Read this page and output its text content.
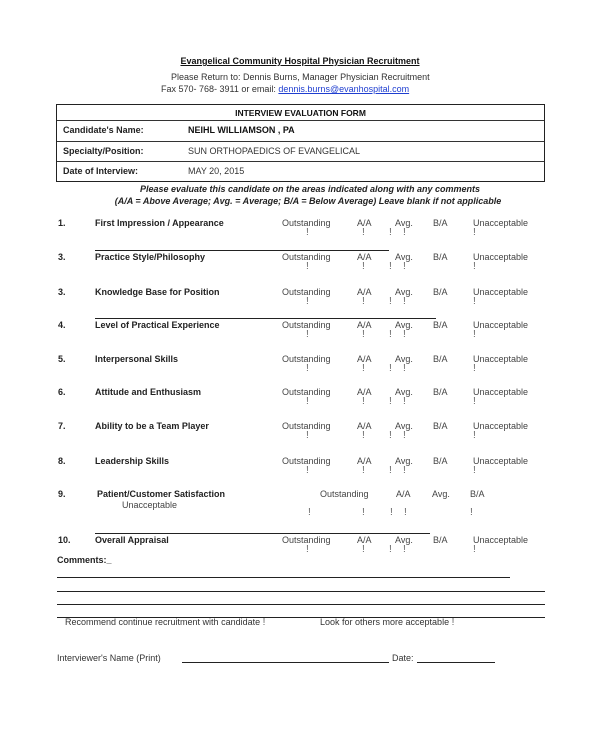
Evangelical Community Hospital Physician Recruitment
Please Return to: Dennis Burns, Manager Physician Recruitment
Fax 570- 768- 3911 or email: dennis.burns@evanhospital.com
INTERVIEW EVALUATION FORM
Candidate's Name:	NEIHL WILLIAMSON , PA
Specialty/Position:	SUN ORTHOPAEDICS OF EVANGELICAL
Date of Interview:	MAY 20, 2015
Please evaluate this candidate on the areas indicated along with any comments
(A/A = Above Average; Avg. = Average; B/A = Below Average) Leave blank if not applicable
1.	First Impression / Appearance	Outstanding	A/A	Avg. B/A	Unacceptable
!	! ! !	!
3.	Practice Style/Philosophy	Outstanding	A/A	Avg. B/A	Unacceptable
!	! ! !	!
3.	Knowledge Base for Position	Outstanding	A/A	Avg. B/A	Unacceptable
!	! ! !	!
4.	Level of Practical Experience	Outstanding	A/A	Avg. B/A	Unacceptable
!	! ! !	!
5.	Interpersonal Skills	Outstanding	A/A	Avg. B/A	Unacceptable
!	! ! !	!
6.	Attitude and Enthusiasm	Outstanding	A/A	Avg. B/A	Unacceptable
!	! ! !	!
7.	Ability to be a Team Player	Outstanding	A/A	Avg. B/A	Unacceptable
!	! ! !	!
8.	Leadership Skills	Outstanding	A/A	Avg. B/A	Unacceptable
!	! ! !	!
9.	Patient/Customer Satisfaction	Outstanding	A/A Avg. B/A
Unacceptable
!	!	! !	!
10.	Overall Appraisal	Outstanding	A/A	Avg. B/A	Unacceptable
!	! ! !	!
Comments:_
Recommend continue recruitment with candidate !	Look for others more acceptable !
Interviewer's Name (Print)	Date:
